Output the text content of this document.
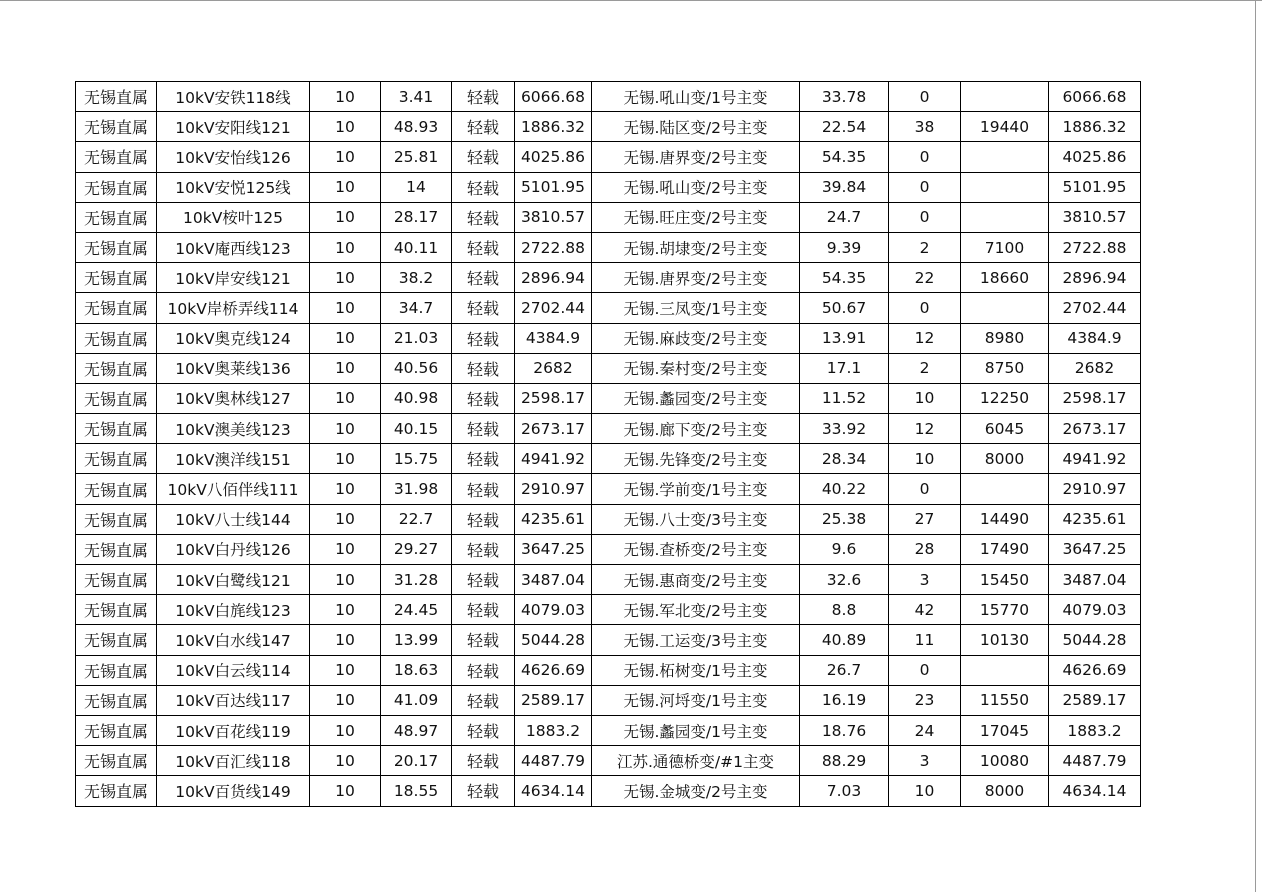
无锡直属	10kV安铁118线	10	3.41	轻载	6066.68	无锡.吼山变/1号主变	33.78	0		6066.68
无锡直属	10kV安阳线121	10	48.93	轻载	1886.32	无锡.陆区变/2号主变	22.54	38	19440	1886.32
无锡直属	10kV安怡线126	10	25.81	轻载	4025.86	无锡.唐界变/2号主变	54.35	0		4025.86
无锡直属	10kV安悦125线	10	14	轻载	5101.95	无锡.吼山变/2号主变	39.84	0		5101.95
无锡直属	10kV桉叶125	10	28.17	轻载	3810.57	无锡.旺庄变/2号主变	24.7	0		3810.57
无锡直属	10kV庵西线123	10	40.11	轻载	2722.88	无锡.胡埭变/2号主变	9.39	2	7100	2722.88
无锡直属	10kV岸安线121	10	38.2	轻载	2896.94	无锡.唐界变/2号主变	54.35	22	18660	2896.94
无锡直属	10kV岸桥弄线114	10	34.7	轻载	2702.44	无锡.三凤变/1号主变	50.67	0		2702.44
无锡直属	10kV奥克线124	10	21.03	轻载	4384.9	无锡.麻歧变/2号主变	13.91	12	8980	4384.9
无锡直属	10kV奥莱线136	10	40.56	轻载	2682	无锡.秦村变/2号主变	17.1	2	8750	2682
无锡直属	10kV奥林线127	10	40.98	轻载	2598.17	无锡.蠡园变/2号主变	11.52	10	12250	2598.17
无锡直属	10kV澳美线123	10	40.15	轻载	2673.17	无锡.廊下变/2号主变	33.92	12	6045	2673.17
无锡直属	10kV澳洋线151	10	15.75	轻载	4941.92	无锡.先锋变/2号主变	28.34	10	8000	4941.92
无锡直属	10kV八佰伴线111	10	31.98	轻载	2910.97	无锡.学前变/1号主变	40.22	0		2910.97
无锡直属	10kV八士线144	10	22.7	轻载	4235.61	无锡.八士变/3号主变	25.38	27	14490	4235.61
无锡直属	10kV白丹线126	10	29.27	轻载	3647.25	无锡.查桥变/2号主变	9.6	28	17490	3647.25
无锡直属	10kV白鹭线121	10	31.28	轻载	3487.04	无锡.惠商变/2号主变	32.6	3	15450	3487.04
无锡直属	10kV白旄线123	10	24.45	轻载	4079.03	无锡.军北变/2号主变	8.8	42	15770	4079.03
无锡直属	10kV白水线147	10	13.99	轻载	5044.28	无锡.工运变/3号主变	40.89	11	10130	5044.28
无锡直属	10kV白云线114	10	18.63	轻载	4626.69	无锡.柘树变/1号主变	26.7	0		4626.69
无锡直属	10kV百达线117	10	41.09	轻载	2589.17	无锡.河埒变/1号主变	16.19	23	11550	2589.17
无锡直属	10kV百花线119	10	48.97	轻载	1883.2	无锡.蠡园变/1号主变	18.76	24	17045	1883.2
无锡直属	10kV百汇线118	10	20.17	轻载	4487.79	江苏.通德桥变/#1主变	88.29	3	10080	4487.79
无锡直属	10kV百货线149	10	18.55	轻载	4634.14	无锡.金城变/2号主变	7.03	10	8000	4634.14
